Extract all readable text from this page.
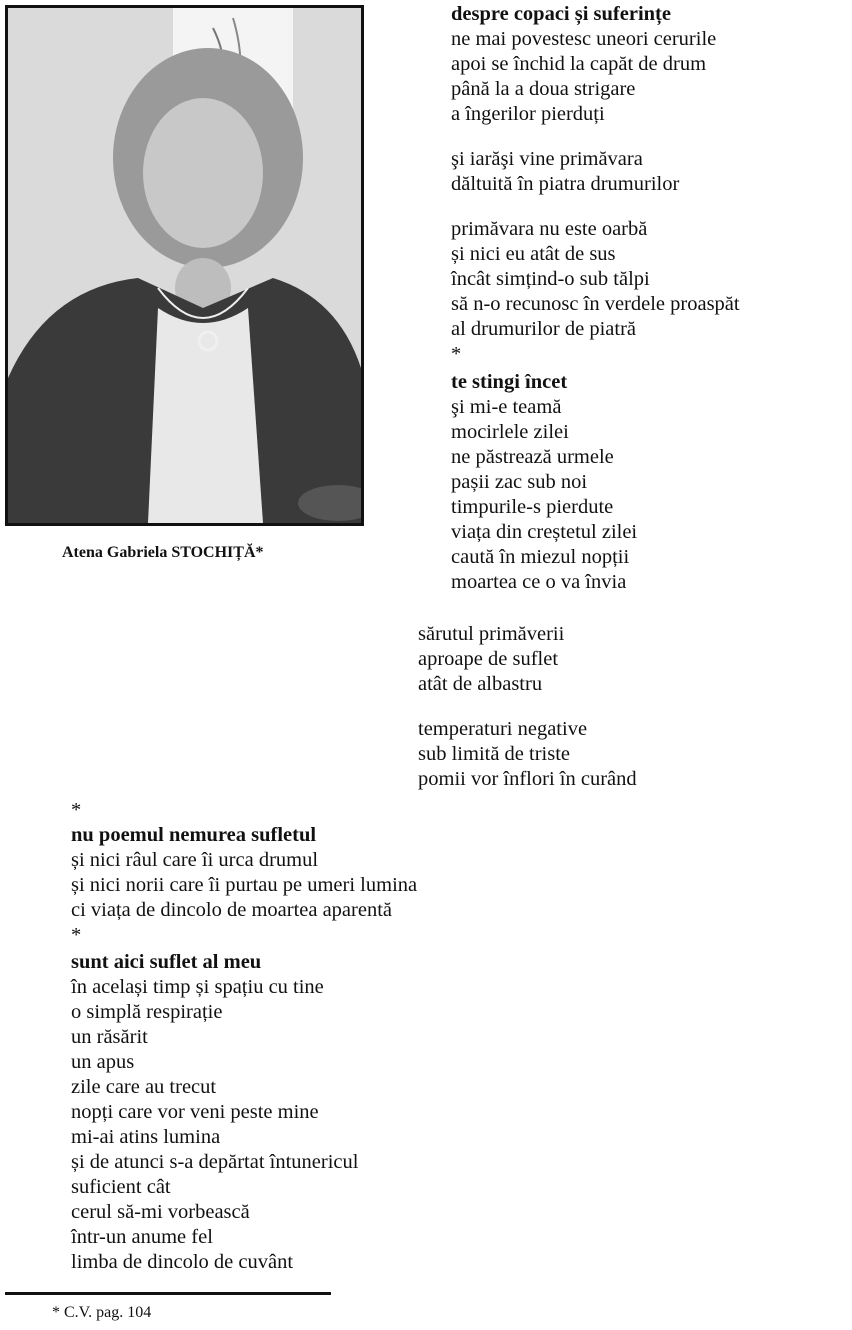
Atena Gabriela STOCHIȚĂ*
despre copaci și suferințe
ne mai povestesc uneori cerurile
apoi se închid la capăt de drum
până la a doua strigare
a îngerilor pierduți
şi iarăşi vine primăvara
dăltuită în piatra drumurilor
primăvara nu este oarbă
și nici eu atât de sus
încât simțind-o sub tălpi
să n-o recunosc în verdele proaspăt
al drumurilor de piatră
*
te stingi încet
şi mi-e teamă
mocirlele zilei
ne păstrează urmele
pașii zac sub noi
timpurile-s pierdute
viața din creștetul zilei
caută în miezul nopții
moartea ce o va învia
sărutul primăverii
aproape de suflet
atât de albastru
temperaturi negative
sub limită de triste
pomii vor înflori în curând
*
nu poemul nemurea sufletul
și nici râul care îi urca drumul
și nici norii care îi purtau pe umeri lumina
ci viața de dincolo de moartea aparentă
*
sunt aici suflet al meu
în același timp și spațiu cu tine
o simplă respirație
un răsărit
un apus
zile care au trecut
nopți care vor veni peste mine
mi-ai atins lumina
și de atunci s-a depărtat întunericul
suficient cât
cerul să-mi vorbească
într-un anume fel
limba de dincolo de cuvânt
* C.V. pag. 104
